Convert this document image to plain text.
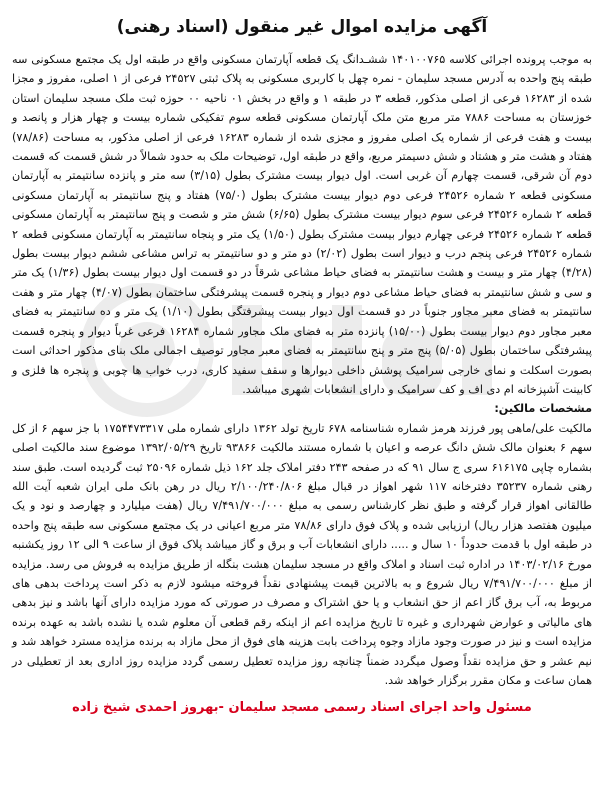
آگهی مزایده اموال غیر منقول (اسناد رهنی)

به موجب پرونده اجرائی کلاسه ۱۴۰۱۰۰۷۶۵ ششـدانگ یک قطعه آپارتمان مسکونی واقع در طبقه اول یک مجتمع مسکونی سه طبقه پنج واحده به آدرس مسجد سلیمان - نمره چهل با کاربری مسکونی به پلاک ثبتی ۲۴۵۲۷ فرعی از ۱ اصلی، مفروز و مجزا شده از ۱۶۲۸۳ فرعی از اصلی مذکور، قطعه ۳ در طبقه ۱ و واقع در بخش ۰۱ ناحیه ۰۰ حوزه ثبت ملک مسجد سلیمان استان خوزستان به مساحت ۷۸۸۶ متر مربع متن ملک آپارتمان مسکونی قطعه سوم تفکیکی شماره بیست و چهار هزار و پانصد و بیست و هفت فرعی از شماره یک اصلی مفروز و مجزی شده از شماره ۱۶۲۸۳ فرعی از اصلی مذکور، به مساحت (۷۸/۸۶) هفتاد و هشت متر و هشتاد و شش دسیمتر مربع، واقع در طبقه اول، توضیحات ملک به حدود شمالاً در شش قسمت که قسمت دوم آن شرقی، قسمت چهارم آن غربی است. اول دیوار بیست مشترک بطول (۳/۱۵) سه متر و پانزده سانتیمتر به آپارتمان مسکونی قطعه ۲ شماره ۲۴۵۲۶ فرعی دوم دیوار بیست مشترک بطول (۷۵/۰) هفتاد و پنج سانتیمتر به آپارتمان مسکونی قطعه ۲ شماره ۲۴۵۲۶ فرعی سوم دیوار بیست مشترک بطول (۶/۶۵) شش متر و شصت و پنج سانتیمتر به آپارتمان مسکونی قطعه ۲ شماره ۲۴۵۲۶ فرعی چهارم دیوار بیست مشترک بطول (۱/۵۰) یک متر و پنجاه سانتیمتر به آپارتمان مسکونی قطعه ۲ شماره ۲۴۵۲۶ فرعی پنجم درب و دیوار است بطول (۲/۰۲) دو متر و دو سانتیمتر به تراس مشاعی ششم دیوار بیست بطول (۴/۲۸) چهار متر و بیست و هشت سانتیمتر به فضای حیاط مشاعی شرقاً در دو قسمت اول دیوار بیست بطول (۱/۳۶) یک متر و سی و شش سانتیمتر به فضای حیاط مشاعی دوم دیوار و پنجره قسمت پیشرفتگی ساختمان بطول (۴/۰۷) چهار متر و هفت سانتیمتر به فضای معبر مجاور جنوباً در دو قسمت اول دیوار بیست پیشرفتگی بطول (۱/۱۰) یک متر و ده سانتیمتر به فضای معبر مجاور دوم دیوار بیست بطول (۱۵/۰۰) پانزده متر به فضای ملک مجاور شماره ۱۶۲۸۴ فرعی غرباً دیوار و پنجره قسمت پیشرفتگی ساختمان بطول (۵/۰۵) پنج متر و پنج سانتیمتر به فضای معبر مجاور توصیف اجمالی ملک بنای مذکور احداثی است بصورت اسکلت و نمای خارجی سرامیک پوشش داخلی دیوارها و سقف سفید کاری، درب خواب ها چوبی و پنجره ها فلزی و کابینت آشپزخانه ام دی اف و کف سرامیک و دارای انشعابات شهری میباشد.

مشخصات مالکین:

مالکیت علی/ماهی پور فرزند هرمز شماره شناسنامه ۶۷۸ تاریخ تولد ۱۳۶۲ دارای شماره ملی ۱۷۵۴۴۷۳۳۱۷ با جز سهم ۶ از کل سهم ۶ بعنوان مالک شش دانگ عرصه و اعیان با شماره مستند مالکیت ۹۳۸۶۶ تاریخ ۱۳۹۲/۰۵/۲۹ موضوع سند مالکیت اصلی بشماره چاپی ۶۱۶۱۷۵ سری ج سال ۹۱ که در صفحه ۲۴۳ دفتر املاک جلد ۱۶۲ ذیل شماره ۲۵۰۹۶ ثبت گردیده است. طبق سند رهنی شماره ۳۵۲۳۷ دفترخانه ۱۱۷ شهر اهواز در قبال مبلغ ۲/۱۰۰/۲۴۰/۸۰۶ ریال در رهن بانک ملی ایران شعبه آیت الله طالقانی اهواز قرار گرفته و طبق نظر کارشناس رسمی به مبلغ ۷/۴۹۱/۷۰۰/۰۰۰ ریال (هفت میلیارد و چهارصد و نود و یک میلیون هفتصد هزار ریال) ارزیابی شده و پلاک فوق دارای ۷۸/۸۶ متر مربع اعیانی در یک مجتمع مسکونی سه طبقه پنج واحده در طبقه اول با قدمت حدوداً ۱۰ سال و ..... دارای انشعابات آب و برق و گاز میباشد پلاک فوق از ساعت ۹ الی ۱۲ روز یکشنبه مورخ ۱۴۰۳/۰۲/۱۶ در اداره ثبت اسناد و املاک واقع در مسجد سلیمان هشت بنگله از طریق مزایده به فروش می رسد. مزایده از مبلغ ۷/۴۹۱/۷۰۰/۰۰۰ ریال شروع و به بالاترین قیمت پیشنهادی نقداً فروخته میشود لازم به ذکر است پرداخت بدهی های مربوط به، آب برق گاز اعم از حق انشعاب و یا حق اشتراک و مصرف در صورتی که مورد مزایده دارای آنها باشد و نیز بدهی های مالیاتی و عوارض شهرداری و غیره تا تاریخ مزایده اعم از اینکه رقم قطعی آن معلوم شده یا نشده باشد به عهده برنده مزایده است و نیز در صورت وجود مازاد وجوه پرداخت بابت هزینه های فوق از محل مازاد به برنده مزایده مسترد خواهد شد و نیم عشر و حق مزایده نقداً وصول میگردد ضمناً چنانچه روز مزایده تعطیل رسمی گردد مزایده روز اداری بعد از تعطیلی در همان ساعت و مکان مقرر برگزار خواهد شد.

مسئول واحد اجرای اسناد رسمی مسجد سلیمان -بهروز احمدی شیخ زاده
